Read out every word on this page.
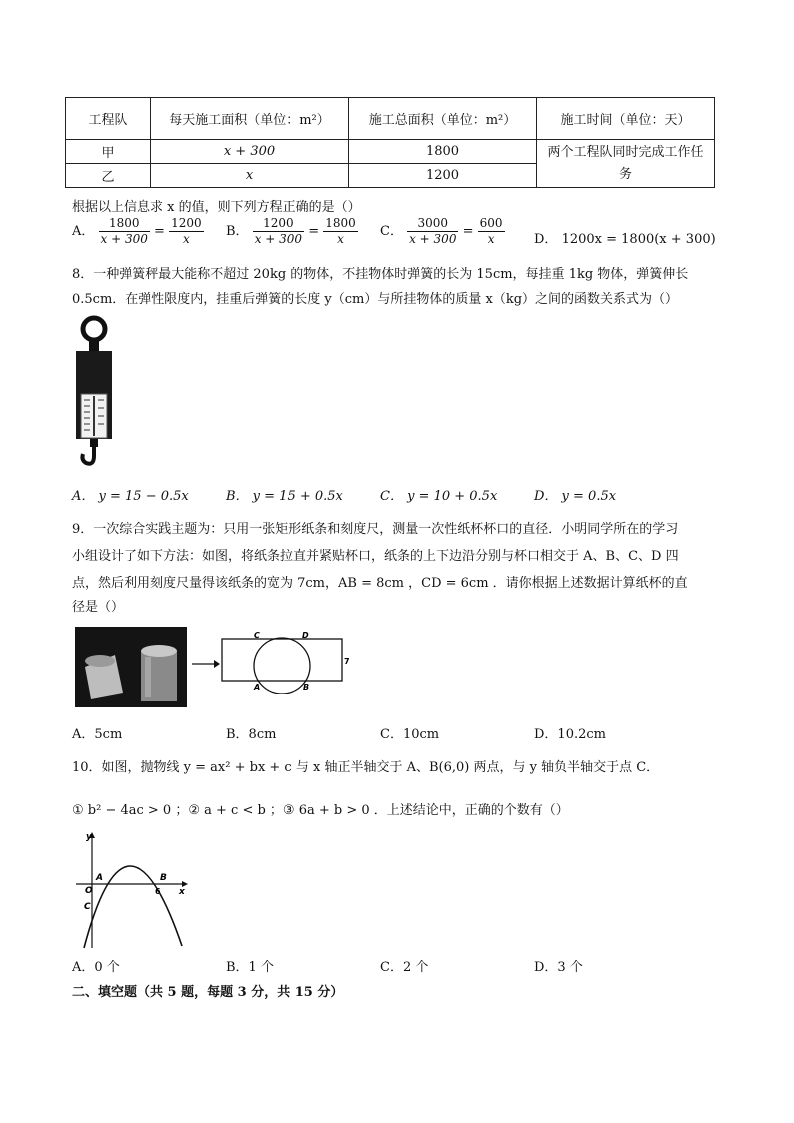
工程队	每天施工面积（单位：m²）	施工总面积（单位：m²）	施工时间（单位：天）
甲	x + 300	1800	两个工程队同时完成工作任务
乙	x	1200	
根据以上信息求 x 的值，则下列方程正确的是（）
A． $\frac{1800}{x + 300} = \frac{1200}{x}$ B． $\frac{1200}{x + 300} = \frac{1800}{x}$ C． $\frac{3000}{x + 300} = \frac{600}{x}$ D． 1200x = 1800(x + 300)
8．一种弹簧秤最大能称不超过 20kg 的物体，不挂物体时弹簧的长为 15cm，每挂重 1kg 物体，弹簧伸长
0.5cm．在弹性限度内，挂重后弹簧的长度 y（cm）与所挂物体的质量 x（kg）之间的函数关系式为（）
A． y = 15 − 0.5x	B． y = 15 + 0.5x	C． y = 10 + 0.5x	D． y = 0.5x
9．一次综合实践主题为：只用一张矩形纸条和刻度尺，测量一次性纸杯杯口的直径．小明同学所在的学习
小组设计了如下方法：如图，将纸条拉直并紧贴杯口，纸条的上下边沿分别与杯口相交于 A、B、C、D 四
点，然后利用刻度尺量得该纸条的宽为 7cm，AB = 8cm ，CD = 6cm ．请你根据上述数据计算纸杯的直
径是（）
C	D
A	B
7
A．5cm	B．8cm	C．10cm	D．10.2cm
10．如图，抛物线 y = ax² + bx + c 与 x 轴正半轴交于 A、B(6,0) 两点，与 y 轴负半轴交于点 C．
① b² − 4ac > 0 ；② a + c < b ；③ 6a + b > 0 ．上述结论中，正确的个数有（）
y
x
O
A	B
6
C
A．0 个	B．1 个	C．2 个	D．3 个
二、填空题（共 5 题，每题 3 分，共 15 分）
